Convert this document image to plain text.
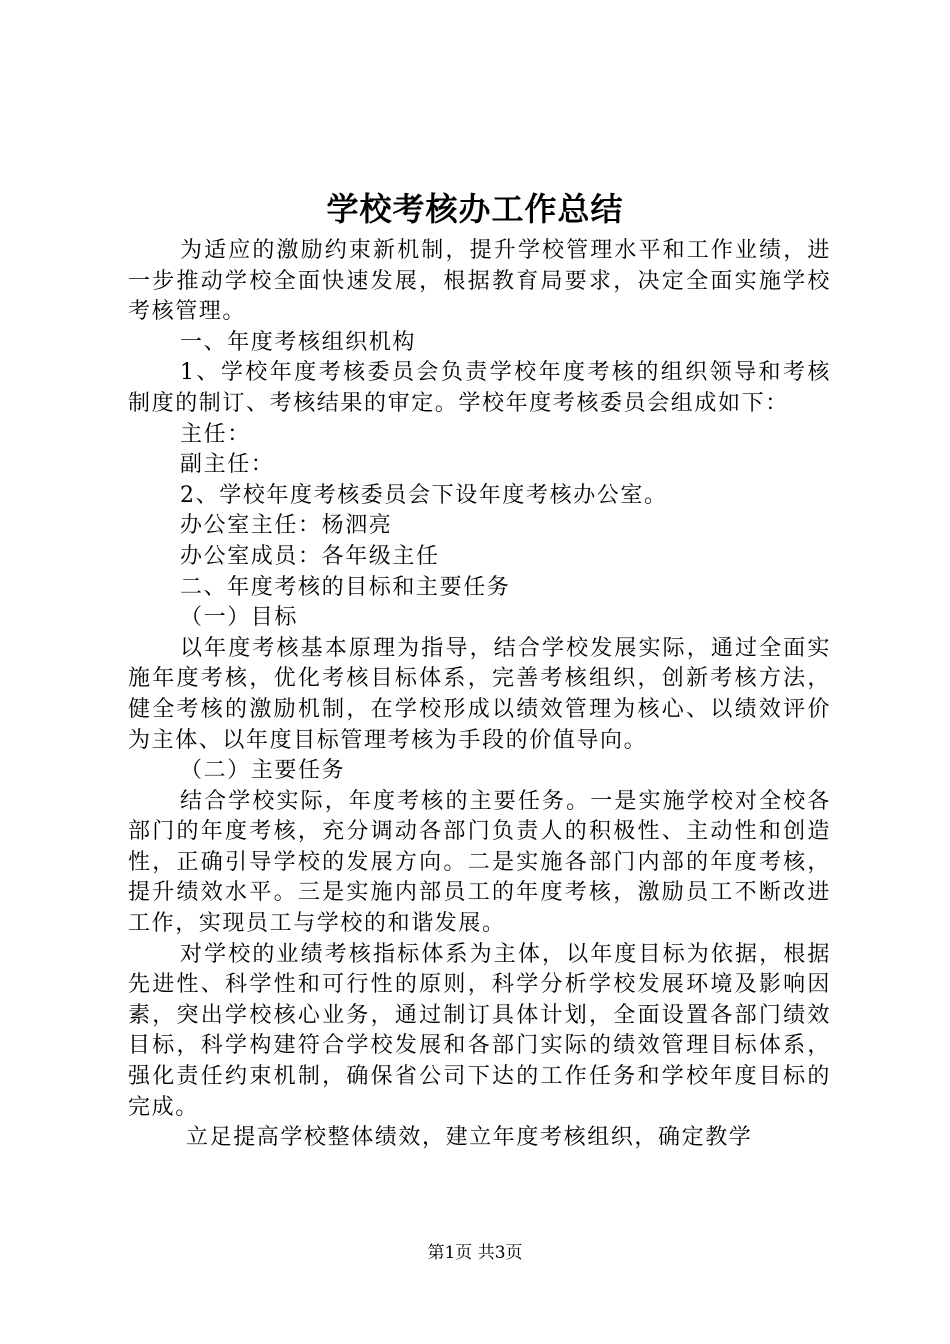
学校考核办工作总结

为适应的激励约束新机制，提升学校管理水平和工作业绩，进一步推动学校全面快速发展，根据教育局要求，决定全面实施学校考核管理。

一、年度考核组织机构

1、学校年度考核委员会负责学校年度考核的组织领导和考核制度的制订、考核结果的审定。学校年度考核委员会组成如下：

主任：

副主任：

2、学校年度考核委员会下设年度考核办公室。

办公室主任：杨泗亮

办公室成员：各年级主任

二、年度考核的目标和主要任务

（一）目标

以年度考核基本原理为指导，结合学校发展实际，通过全面实施年度考核，优化考核目标体系，完善考核组织，创新考核方法，健全考核的激励机制，在学校形成以绩效管理为核心、以绩效评价为主体、以年度目标管理考核为手段的价值导向。

（二）主要任务

结合学校实际，年度考核的主要任务。一是实施学校对全校各部门的年度考核，充分调动各部门负责人的积极性、主动性和创造性，正确引导学校的发展方向。二是实施各部门内部的年度考核，提升绩效水平。三是实施内部员工的年度考核，激励员工不断改进工作，实现员工与学校的和谐发展。

对学校的业绩考核指标体系为主体，以年度目标为依据，根据先进性、科学性和可行性的原则，科学分析学校发展环境及影响因素，突出学校核心业务，通过制订具体计划，全面设置各部门绩效目标，科学构建符合学校发展和各部门实际的绩效管理目标体系，强化责任约束机制，确保省公司下达的工作任务和学校年度目标的完成。

立足提高学校整体绩效，建立年度考核组织，确定教学

第1页 共3页
